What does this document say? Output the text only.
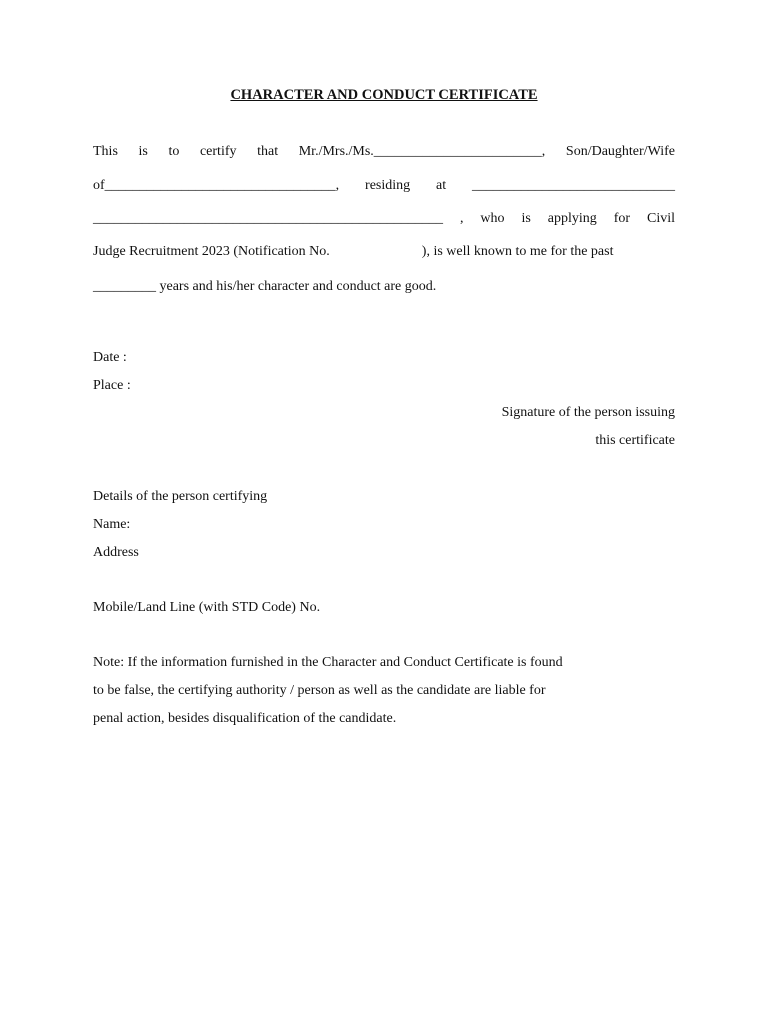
CHARACTER AND CONDUCT CERTIFICATE
This is to certify that Mr./Mrs./Ms.________________________, Son/Daughter/Wife
of_________________________________, residing at _____________________________
__________________________________________________ , who is applying for Civil
Judge Recruitment 2023 (Notification No.	), is well known to me for the past
_________ years and his/her character and conduct are good.
Date :
Place :
Signature of the person issuing
this certificate
Details of the person certifying
Name:
Address
Mobile/Land Line (with STD Code) No.
Note: If the information furnished in the Character and Conduct Certificate is found
to be false, the certifying authority / person as well as the candidate are liable for
penal action, besides disqualification of the candidate.
